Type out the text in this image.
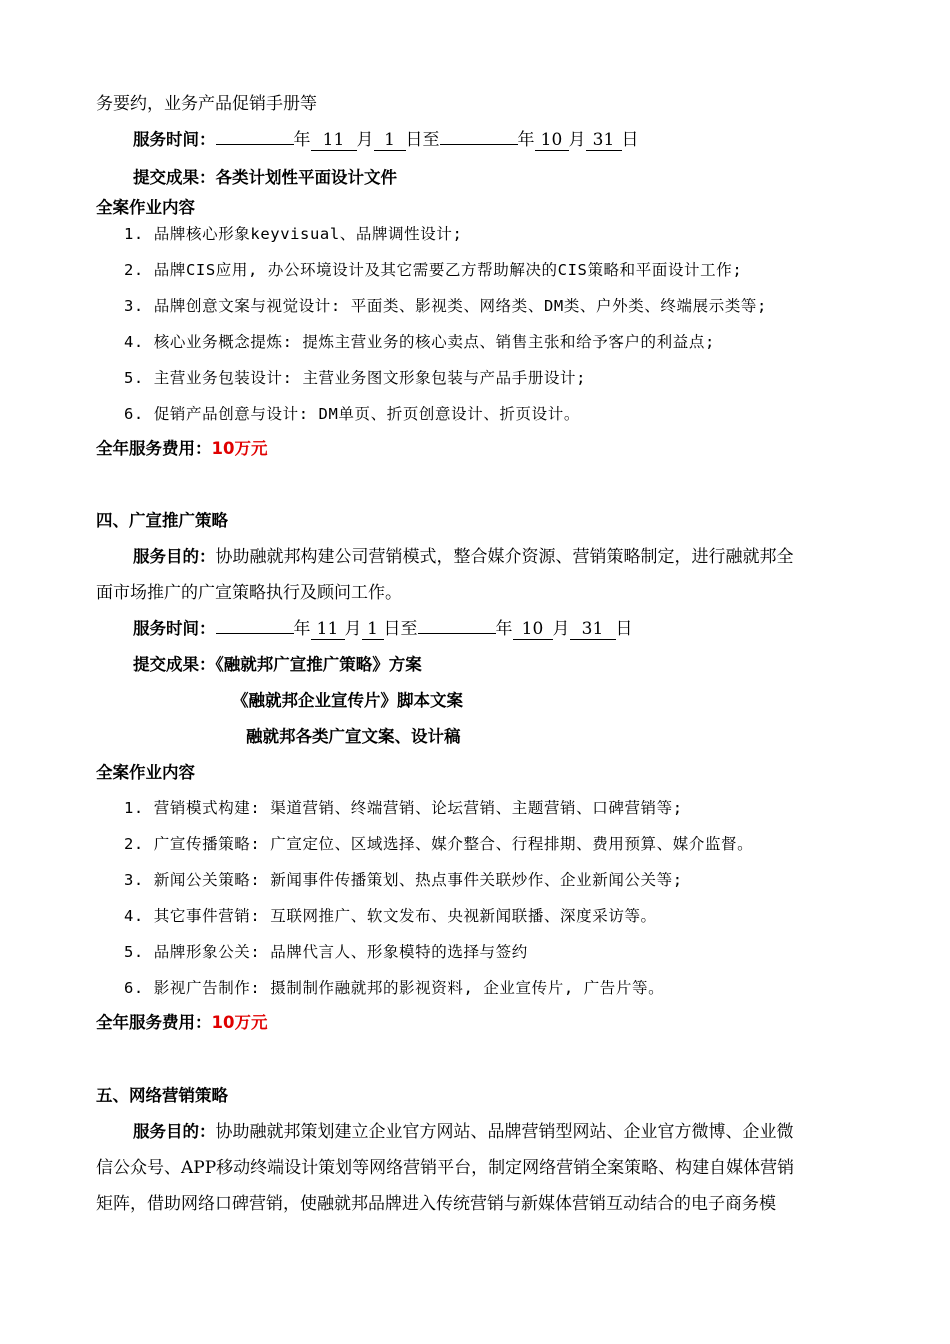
务要约，业务产品促销手册等
服务时间：	年 11 月 1 日至	年 10 月 31 日
提交成果：各类计划性平面设计文件
全案作业内容
1. 品牌核心形象keyvisual、品牌调性设计;
2. 品牌CIS应用, 办公环境设计及其它需要乙方帮助解决的CIS策略和平面设计工作;
3. 品牌创意文案与视觉设计: 平面类、影视类、网络类、DM类、户外类、终端展示类等;
4. 核心业务概念提炼: 提炼主营业务的核心卖点、销售主张和给予客户的利益点;
5. 主营业务包装设计: 主营业务图文形象包装与产品手册设计;
6. 促销产品创意与设计: DM单页、折页创意设计、折页设计。
全年服务费用：10万元
四、广宣推广策略
服务目的：协助融就邦构建公司营销模式，整合媒介资源、营销策略制定，进行融就邦全
面市场推广的广宣策略执行及顾问工作。
服务时间：	年 11 月 1 日至	年 10 月 31 日
提交成果：《融就邦广宣推广策略》方案
《融就邦企业宣传片》脚本文案
融就邦各类广宣文案、设计稿
全案作业内容
1. 营销模式构建: 渠道营销、终端营销、论坛营销、主题营销、口碑营销等;
2. 广宣传播策略: 广宣定位、区域选择、媒介整合、行程排期、费用预算、媒介监督。
3. 新闻公关策略: 新闻事件传播策划、热点事件关联炒作、企业新闻公关等;
4. 其它事件营销: 互联网推广、软文发布、央视新闻联播、深度采访等。
5. 品牌形象公关: 品牌代言人、形象模特的选择与签约
6. 影视广告制作: 摄制制作融就邦的影视资料, 企业宣传片, 广告片等。
全年服务费用：10万元
五、网络营销策略
服务目的：协助融就邦策划建立企业官方网站、品牌营销型网站、企业官方微博、企业微
信公众号、APP移动终端设计策划等网络营销平台，制定网络营销全案策略、构建自媒体营销
矩阵，借助网络口碑营销，使融就邦品牌进入传统营销与新媒体营销互动结合的电子商务模
